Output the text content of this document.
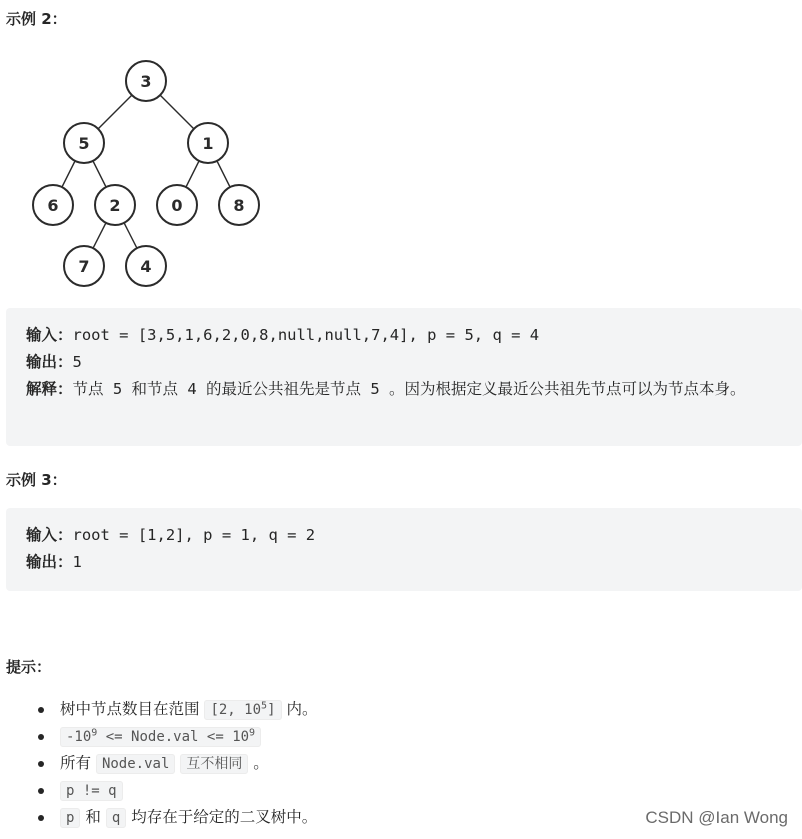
示例 2：
3
5	1
6	2	0	8
7	4
输入：root = [3,5,1,6,2,0,8,null,null,7,4], p = 5, q = 4
输出：5
解释：节点 5 和节点 4 的最近公共祖先是节点 5 。因为根据定义最近公共祖先节点可以为节点本身。
示例 3：
输入：root = [1,2], p = 1, q = 2
输出：1
提示：
树中节点数目在范围 [2, $10^5$] 内。
$-10^9$ <= Node.val <= $10^9$
所有 Node.val 互不相同 。
p != q
p 和 q 均存在于给定的二叉树中。	CSDN @Ian Wong
